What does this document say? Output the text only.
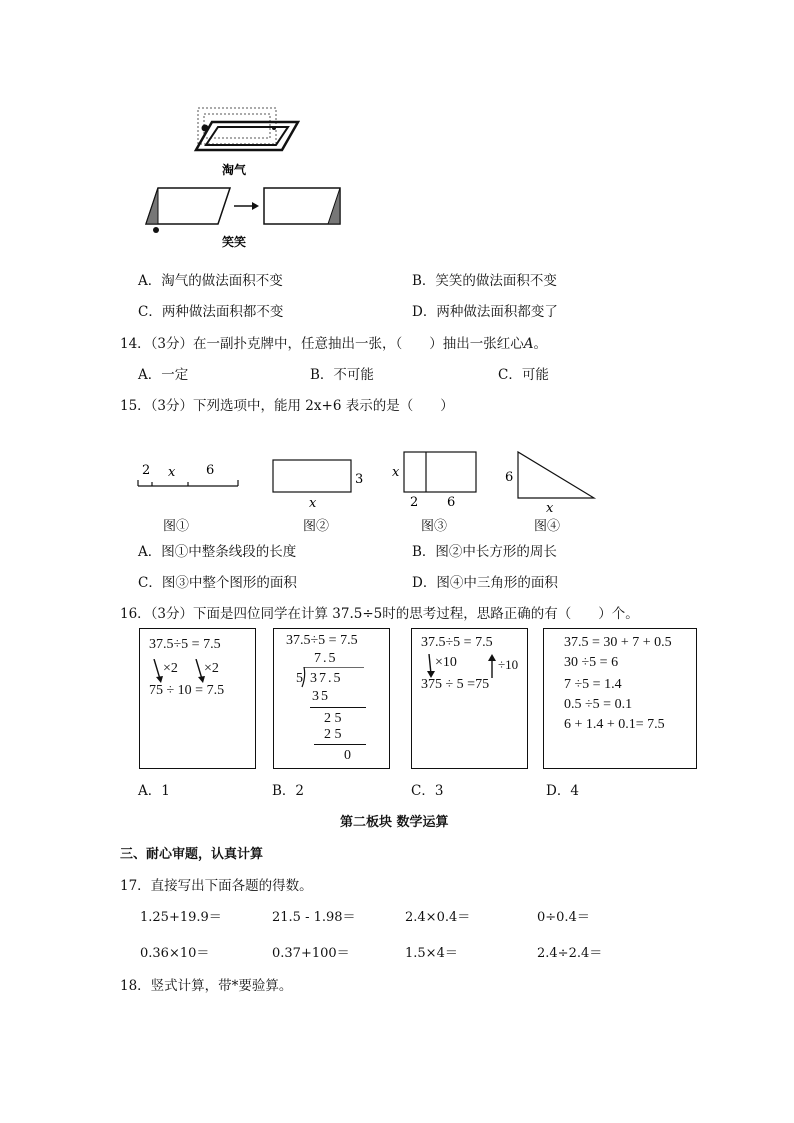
淘气
笑笑
A．淘气的做法面积不变	B．笑笑的做法面积不变
C．两种做法面积都不变	D．两种做法面积都变了
14．（3分）在一副扑克牌中，任意抽出一张，（　　）抽出一张红心A。
A．一定	B．不可能	C．可能
15．（3分）下列选项中，能用 2x+6 表示的是（　　）
2 x 6
3
x
x
2 6
6
x
图①	图②	图③	图④
A．图①中整条线段的长度	B．图②中长方形的周长
C．图③中整个图形的面积	D．图④中三角形的面积
16．（3分）下面是四位同学在计算 37.5÷5时的思考过程，思路正确的有（　　）个。
37.5÷5 = 7.5
×2 ×2
75 ÷ 10 = 7.5
37.5÷5 = 7.5
7.5
5 37.5
35
2 5
2 5
0
37.5÷5 = 7.5
×10	÷10
375 ÷ 5 =75
37.5 = 30 + 7 + 0.5
30 ÷5 = 6
7 ÷5 = 1.4
0.5 ÷5 = 0.1
6 + 1.4 + 0.1= 7.5
A．1	B．2	C．3	D．4
第二板块 数学运算
三、耐心审题，认真计算
17．直接写出下面各题的得数。
1.25+19.9＝	21.5 - 1.98＝	2.4×0.4＝	0÷0.4＝
0.36×10＝	0.37+100＝	1.5×4＝	2.4÷2.4＝
18．竖式计算，带*要验算。
